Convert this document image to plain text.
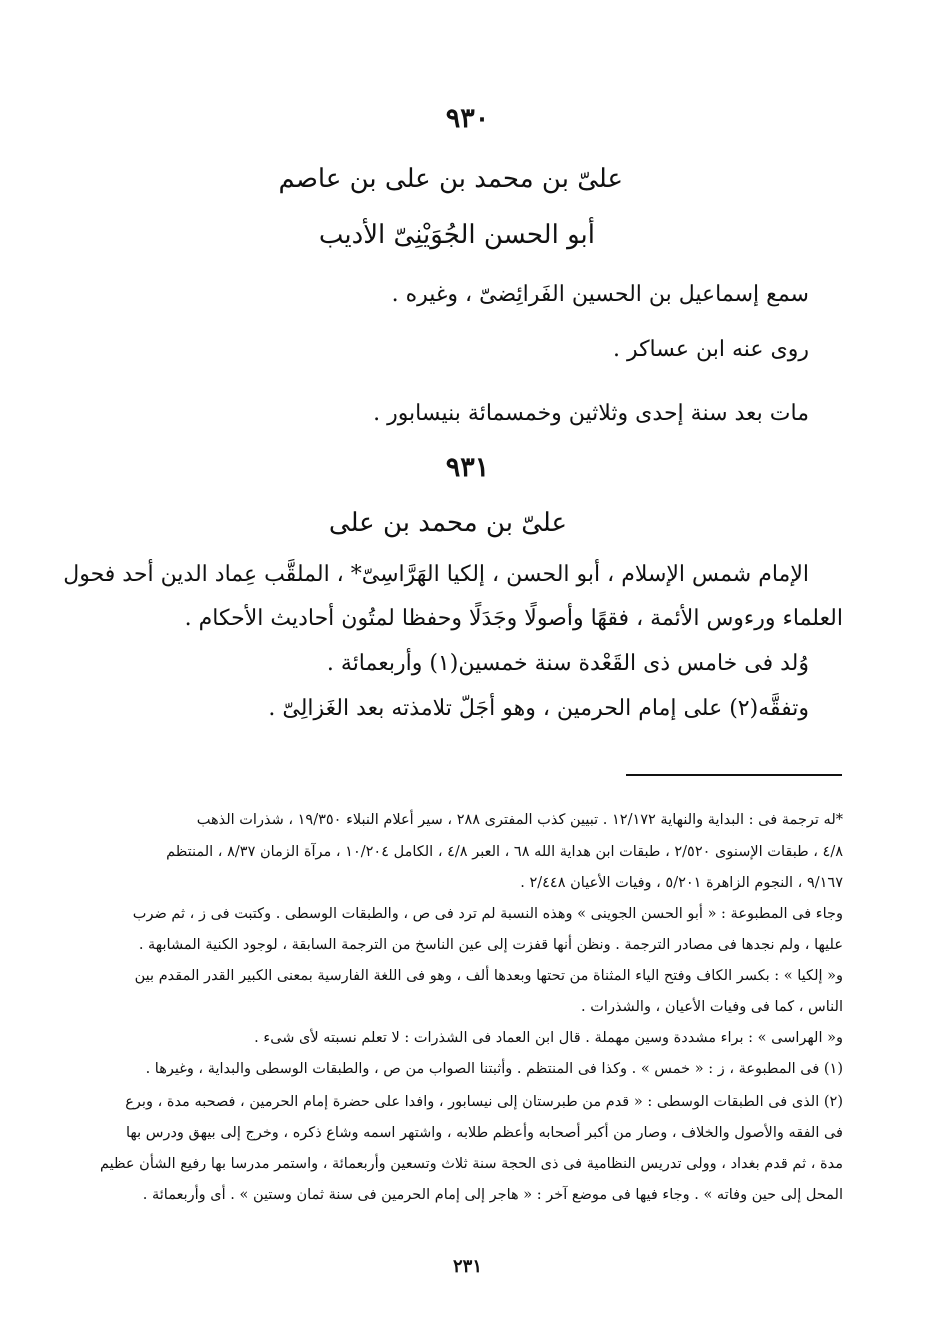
٩٣٠
علىّ بن محمد بن على بن عاصم
أبو الحسن الجُوَيْنِىّ الأديب
سمع إسماعيل بن الحسين الفَرائِضىّ ، وغيره .
روى عنه ابن عساكر .
مات بعد سنة إحدى وثلاثين وخمسمائة بنيسابور .
٩٣١
علىّ بن محمد بن على
الإمام شمس الإسلام ، أبو الحسن ، إلكيا الهَرَّاسِىّ* ، الملقَّب عِماد الدين أحد فحول
العلماء ورءوس الأئمة ، فقهًا وأصولًا وجَدَلًا وحفظا لمتُون أحاديث الأحكام .
وُلد فى خامس ذى القَعْدة سنة خمسين(١) وأربعمائة .
وتفقَّه(٢) على إمام الحرمين ، وهو أجَلّ تلامذته بعد الغَزالِىّ .
*له ترجمة فى : البداية والنهاية ١٢/١٧٢ . تبيين كذب المفترى ٢٨٨ ، سير أعلام النبلاء ١٩/٣٥٠ ، شذرات الذهب
٤/٨ ، طبقات الإسنوى ٢/٥٢٠ ، طبقات ابن هداية الله ٦٨ ، العبر ٤/٨ ، الكامل ١٠/٢٠٤ ، مرآة الزمان ٨/٣٧ ، المنتظم
٩/١٦٧ ، النجوم الزاهرة ٥/٢٠١ ، وفيات الأعيان ٢/٤٤٨ .
وجاء فى المطبوعة : « أبو الحسن الجوينى » وهذه النسبة لم ترد فى ص ، والطبقات الوسطى . وكتبت فى ز ، ثم ضرب
عليها ، ولم نجدها فى مصادر الترجمة . ونظن أنها قفزت إلى عين الناسخ من الترجمة السابقة ، لوجود الكنية المشابهة .
و« إلكيا » : بكسر الكاف وفتح الياء المثناة من تحتها وبعدها ألف ، وهو فى اللغة الفارسية بمعنى الكبير القدر المقدم بين
الناس ، كما فى وفيات الأعيان ، والشذرات .
و« الهراسى » : براء مشددة وسين مهملة . قال ابن العماد فى الشذرات : لا تعلم نسبته لأى شىء .
(١) فى المطبوعة ، ز : « خمس » . وكذا فى المنتظم . وأثبتنا الصواب من ص ، والطبقات الوسطى والبداية ، وغيرها .
(٢) الذى فى الطبقات الوسطى : « قدم من طبرستان إلى نيسابور ، وافدا على حضرة إمام الحرمين ، فصحبه مدة ، وبرع
فى الفقه والأصول والخلاف ، وصار من أكبر أصحابه وأعظم طلابه ، واشتهر اسمه وشاع ذكره ، وخرج إلى بيهق ودرس بها
مدة ، ثم قدم بغداد ، وولى تدريس النظامية فى ذى الحجة سنة ثلاث وتسعين وأربعمائة ، واستمر مدرسا بها رفيع الشأن عظيم
المحل إلى حين وفاته » . وجاء فيها فى موضع آخر : « هاجر إلى إمام الحرمين فى سنة ثمان وستين » . أى وأربعمائة .
٢٣١
